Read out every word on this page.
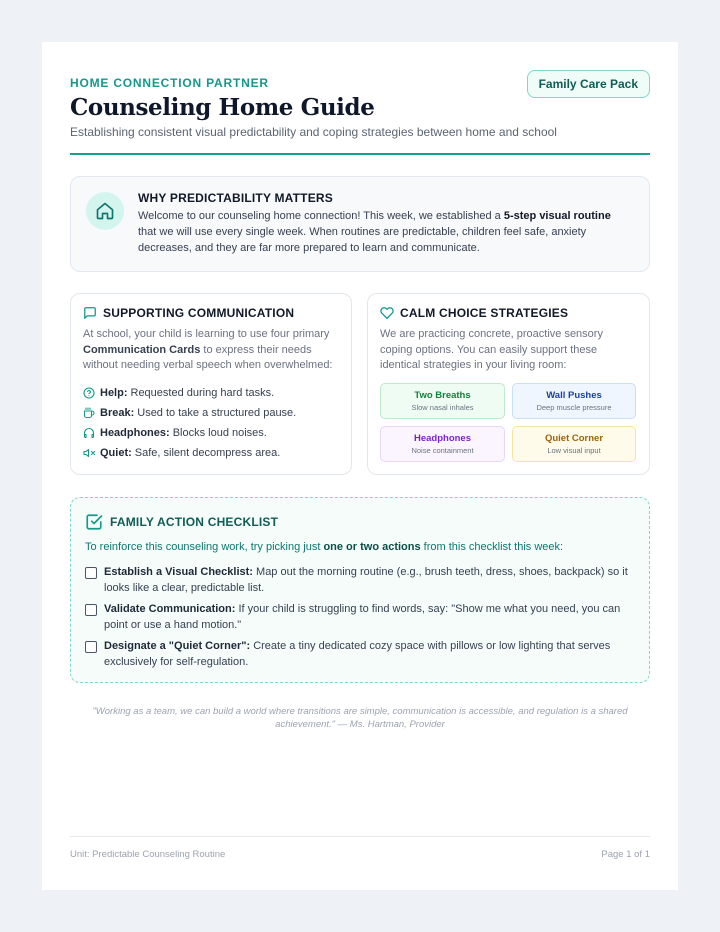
HOME CONNECTION PARTNER	Family Care Pack
Counseling Home Guide
Establishing consistent visual predictability and coping strategies between home and school
WHY PREDICTABILITY MATTERS
Welcome to our counseling home connection! This week, we established a 5-step visual routine that we will use every single week. When routines are predictable, children feel safe, anxiety decreases, and they are far more prepared to learn and communicate.
SUPPORTING COMMUNICATION
At school, your child is learning to use four primary Communication Cards to express their needs without needing verbal speech when overwhelmed:
Help: Requested during hard tasks.
Break: Used to take a structured pause.
Headphones: Blocks loud noises.
Quiet: Safe, silent decompress area.
CALM CHOICE STRATEGIES
We are practicing concrete, proactive sensory coping options. You can easily support these identical strategies in your living room:
Two Breaths
Slow nasal inhales
Wall Pushes
Deep muscle pressure
Headphones
Noise containment
Quiet Corner
Low visual input
FAMILY ACTION CHECKLIST
To reinforce this counseling work, try picking just one or two actions from this checklist this week:
Establish a Visual Checklist: Map out the morning routine (e.g., brush teeth, dress, shoes, backpack) so it looks like a clear, predictable list.
Validate Communication: If your child is struggling to find words, say: "Show me what you need, you can point or use a hand motion."
Designate a "Quiet Corner": Create a tiny dedicated cozy space with pillows or low lighting that serves exclusively for self-regulation.
"Working as a team, we can build a world where transitions are simple, communication is accessible, and regulation is a shared achievement." — Ms. Hartman, Provider
Unit: Predictable Counseling Routine	Page 1 of 1
